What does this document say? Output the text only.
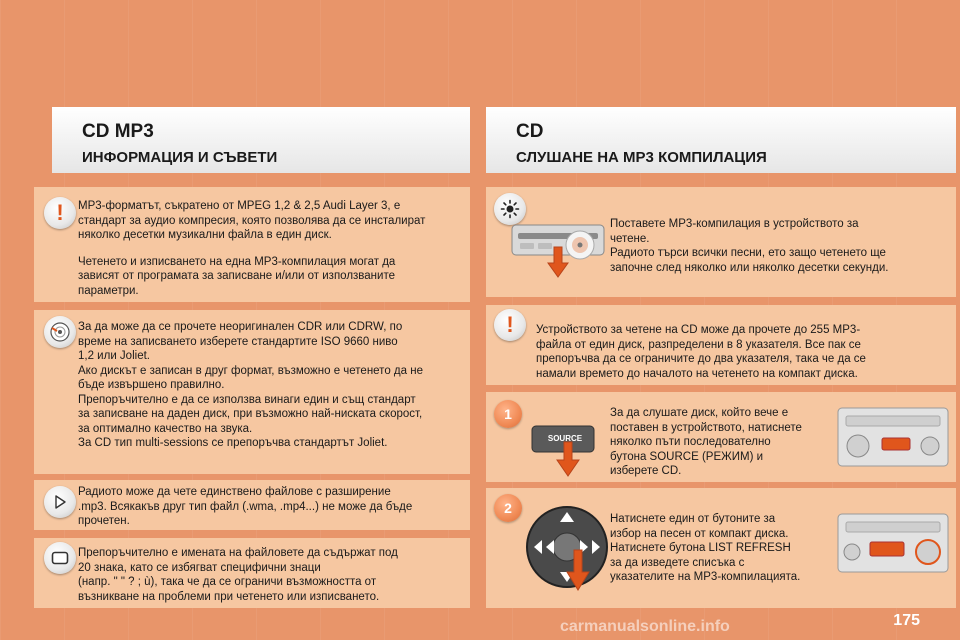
CD MP3
ИНФОРМАЦИЯ И СЪВЕТИ
CD
СЛУШАНЕ НА МР3 КОМПИЛАЦИЯ
!

МР3-форматът, съкратено от MPEG 1,2 & 2,5 Audi Layer 3, е

стандарт за аудио компресия, която позволява да се инсталират

няколко десетки музикални файла в един диск.

Четенето и изписването на една МР3-компилация могат да

зависят от програмата за записване и/или от използваните

параметри.

За да може да се прочете неоригинален CDR или CDRW, по

време на записването изберете стандартите ISO 9660 ниво

1,2 или Joliet.

Ако дискът е записан в друг формат, възможно е четенето да не

бъде извършено правилно.

Препоръчително е да се използва винаги един и същ стандарт

за записване на даден диск, при възможно най-ниската скорост,

за оптимално качество на звука.

За CD тип multi-sessions се препоръчва стандартът Joliet.

Радиото може да чете единствено файлове с разширение

.mp3. Всякакъв друг тип файл (.wma, .mp4...) не може да бъде

прочетен.

Препоръчително е имената на файловете да съдържат под

20 знака, като се избягват специфични знаци

(напр. " " ? ; ù), така че да се ограничи възможността от

възникване на проблеми при четенето или изписването.

Поставете МР3-компилация в устройството за

четене.

Радиото търси всички песни, ето защо четенето ще

започне след няколко или няколко десетки секунди.

!

Устройството за четене на CD може да прочете до 255 МР3-

файла от един диск, разпределени в 8 указателя. Все пак се

препоръчва да се ограничите до два указателя, така че да се

намали времето до началото на четенето на компакт диска.

1
SOURCE

За да слушате диск, който вече е

поставен в устройството, натиснете

няколко пъти последователно

бутона SOURCE (РЕЖИМ) и

изберете CD.

2

Натиснете един от бутоните за

избор на песен от компакт диска.

Натиснете бутона LIST REFRESH

за да изведете списъка с

указателите на МР3-компилацията.

carmanualsonline.info	175
